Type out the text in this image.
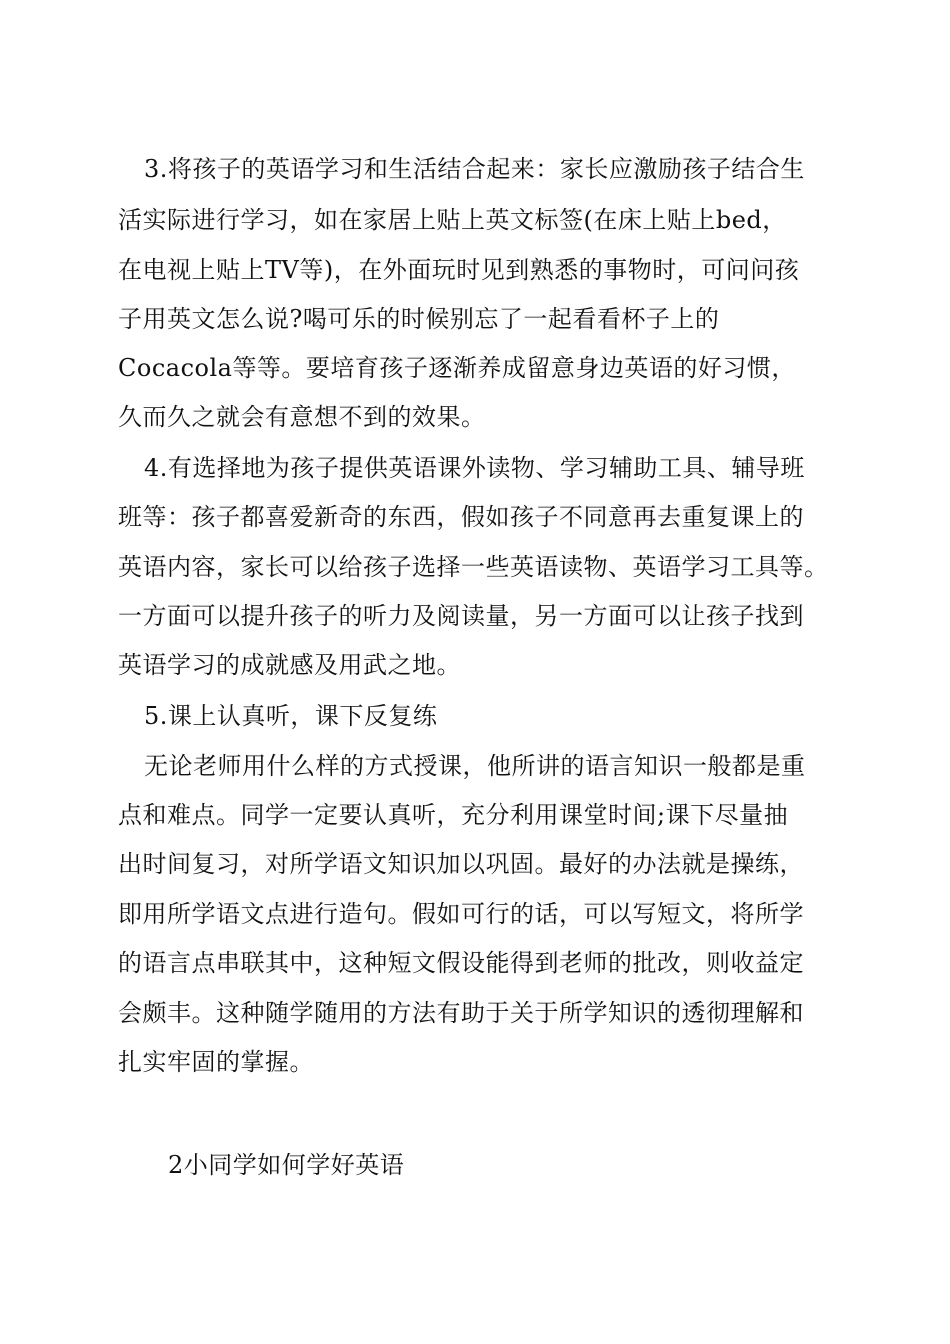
3.将孩子的英语学习和生活结合起来：家长应激励孩子结合生

活实际进行学习，如在家居上贴上英文标签(在床上贴上bed，

在电视上贴上TV等)，在外面玩时见到熟悉的事物时，可问问孩

子用英文怎么说?喝可乐的时候别忘了一起看看杯子上的

Cocacola等等。要培育孩子逐渐养成留意身边英语的好习惯，

久而久之就会有意想不到的效果。

4.有选择地为孩子提供英语课外读物、学习辅助工具、辅导班

班等：孩子都喜爱新奇的东西，假如孩子不同意再去重复课上的

英语内容，家长可以给孩子选择一些英语读物、英语学习工具等。

一方面可以提升孩子的听力及阅读量，另一方面可以让孩子找到

英语学习的成就感及用武之地。

5.课上认真听，课下反复练

无论老师用什么样的方式授课，他所讲的语言知识一般都是重

点和难点。同学一定要认真听，充分利用课堂时间;课下尽量抽

出时间复习，对所学语文知识加以巩固。最好的办法就是操练，

即用所学语文点进行造句。假如可行的话，可以写短文，将所学

的语言点串联其中，这种短文假设能得到老师的批改，则收益定

会颇丰。这种随学随用的方法有助于关于所学知识的透彻理解和

扎实牢固的掌握。

2小同学如何学好英语
